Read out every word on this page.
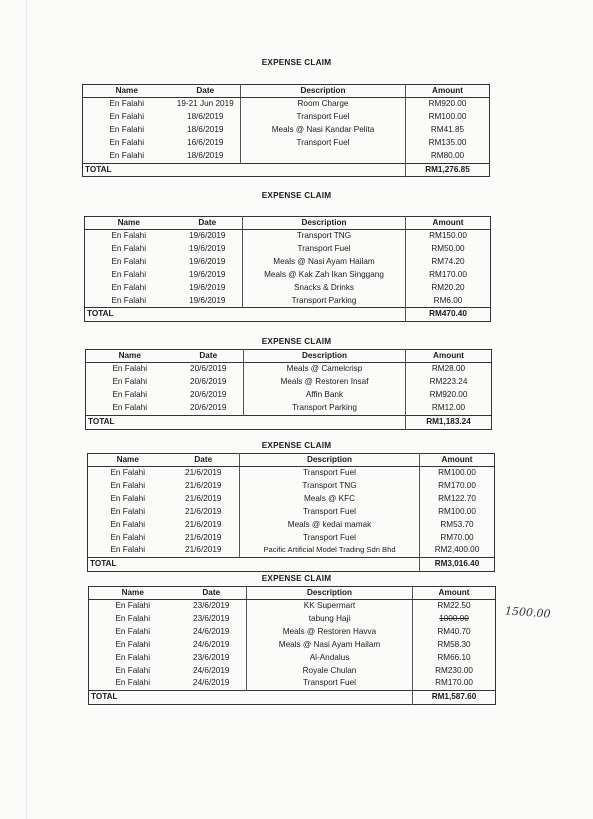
EXPENSE CLAIM
Name	Date	Description	Amount
En Falahi	19-21 Jun 2019	Room Charge	RM920.00
En Falahi	18/6/2019	Transport Fuel	RM100.00
En Falahi	18/6/2019	Meals @ Nasi Kandar Pelita	RM41.85
En Falahi	16/6/2019	Transport Fuel	RM135.00
En Falahi	18/6/2019		RM80.00
TOTAL			RM1,276.85
EXPENSE CLAIM
Name	Date	Description	Amount
En Falahi	19/6/2019	Transport TNG	RM150.00
En Falahi	19/6/2019	Transport Fuel	RM50.00
En Falahi	19/6/2019	Meals @ Nasi Ayam Hailam	RM74.20
En Falahi	19/6/2019	Meals @ Kak Zah Ikan Singgang	RM170.00
En Falahi	19/6/2019	Snacks & Drinks	RM20.20
En Falahi	19/6/2019	Transport Parking	RM6.00
TOTAL			RM470.40
EXPENSE CLAIM
Name	Date	Description	Amount
En Falahi	20/6/2019	Meals @ Camelcrisp	RM28.00
En Falahi	20/6/2019	Meals @ Restoren Insaf	RM223.24
En Falahi	20/6/2019	Affin Bank	RM920.00
En Falahi	20/6/2019	Transport Parking	RM12.00
TOTAL			RM1,183.24
EXPENSE CLAIM
Name	Date	Description	Amount
En Falahi	21/6/2019	Transport Fuel	RM100.00
En Falahi	21/6/2019	Transport TNG	RM170.00
En Falahi	21/6/2019	Meals @ KFC	RM122.70
En Falahi	21/6/2019	Transport Fuel	RM100.00
En Falahi	21/6/2019	Meals @ kedai mamak	RM53.70
En Falahi	21/6/2019	Transport Fuel	RM70.00
En Falahi	21/6/2019	Pacific Artificial Model Trading Sdn Bhd	RM2,400.00
TOTAL			RM3,016.40
EXPENSE CLAIM
Name	Date	Description	Amount
En Falahi	23/6/2019	KK Supermart	RM22.50
En Falahi	23/6/2019	tabung Haji	1000.00
En Falahi	24/6/2019	Meals @ Restoren Havva	RM40.70
En Falahi	24/6/2019	Meals @ Nasi Ayam Hailam	RM58.30
En Falahi	23/6/2019	Al-Andalus	RM66.10
En Falahi	24/6/2019	Royale Chulan	RM230.00
En Falahi	24/6/2019	Transport Fuel	RM170.00
TOTAL			RM1,587.60
1500.00
